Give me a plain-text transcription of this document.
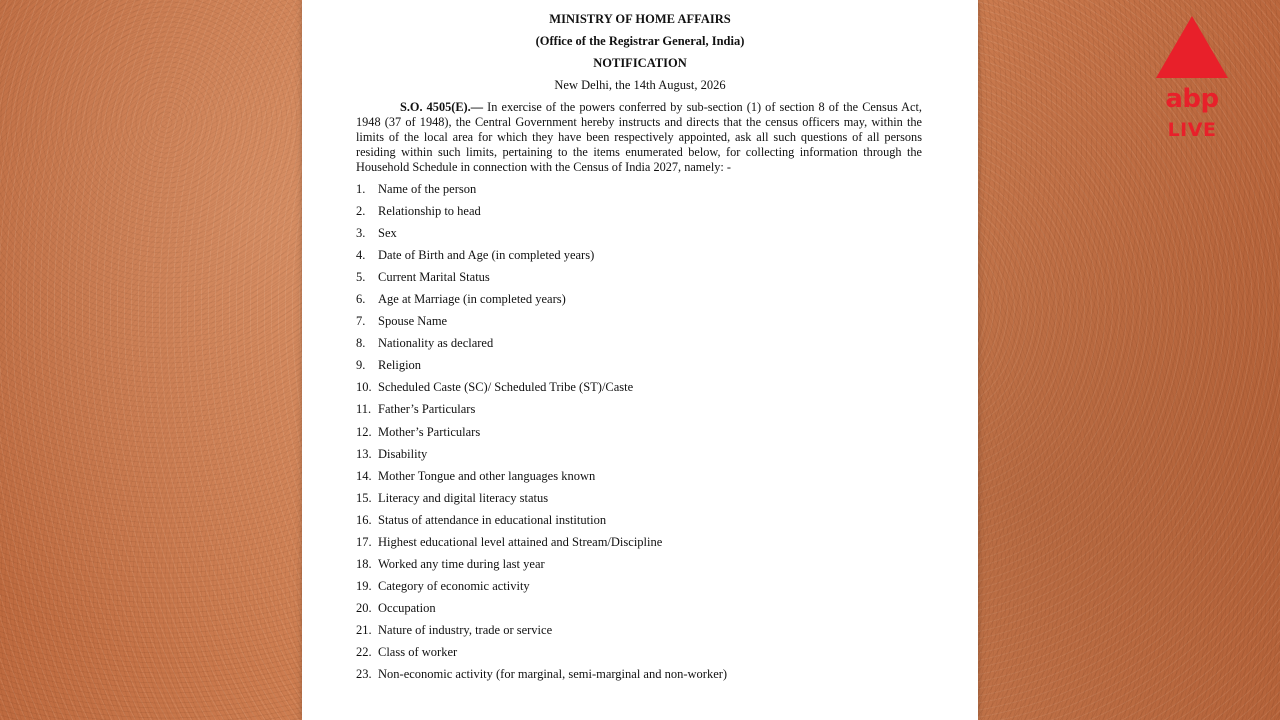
MINISTRY OF HOME AFFAIRS
(Office of the Registrar General, India)
NOTIFICATION
New Delhi, the 14th August, 2026
S.O. 4505(E).— In exercise of the powers conferred by sub-section (1) of section 8 of the Census Act, 1948 (37 of 1948), the Central Government hereby instructs and directs that the census officers may, within the limits of the local area for which they have been respectively appointed, ask all such questions of all persons residing within such limits, pertaining to the items enumerated below, for collecting information through the Household Schedule in connection with the Census of India 2027, namely: -
1. Name of the person
2. Relationship to head
3. Sex
4. Date of Birth and Age (in completed years)
5. Current Marital Status
6. Age at Marriage (in completed years)
7. Spouse Name
8. Nationality as declared
9. Religion
10. Scheduled Caste (SC)/ Scheduled Tribe (ST)/Caste
11. Father’s Particulars
12. Mother’s Particulars
13. Disability
14. Mother Tongue and other languages known
15. Literacy and digital literacy status
16. Status of attendance in educational institution
17. Highest educational level attained and Stream/Discipline
18. Worked any time during last year
19. Category of economic activity
20. Occupation
21. Nature of industry, trade or service
22. Class of worker
23. Non-economic activity (for marginal, semi-marginal and non-worker)
abp
LIVE
